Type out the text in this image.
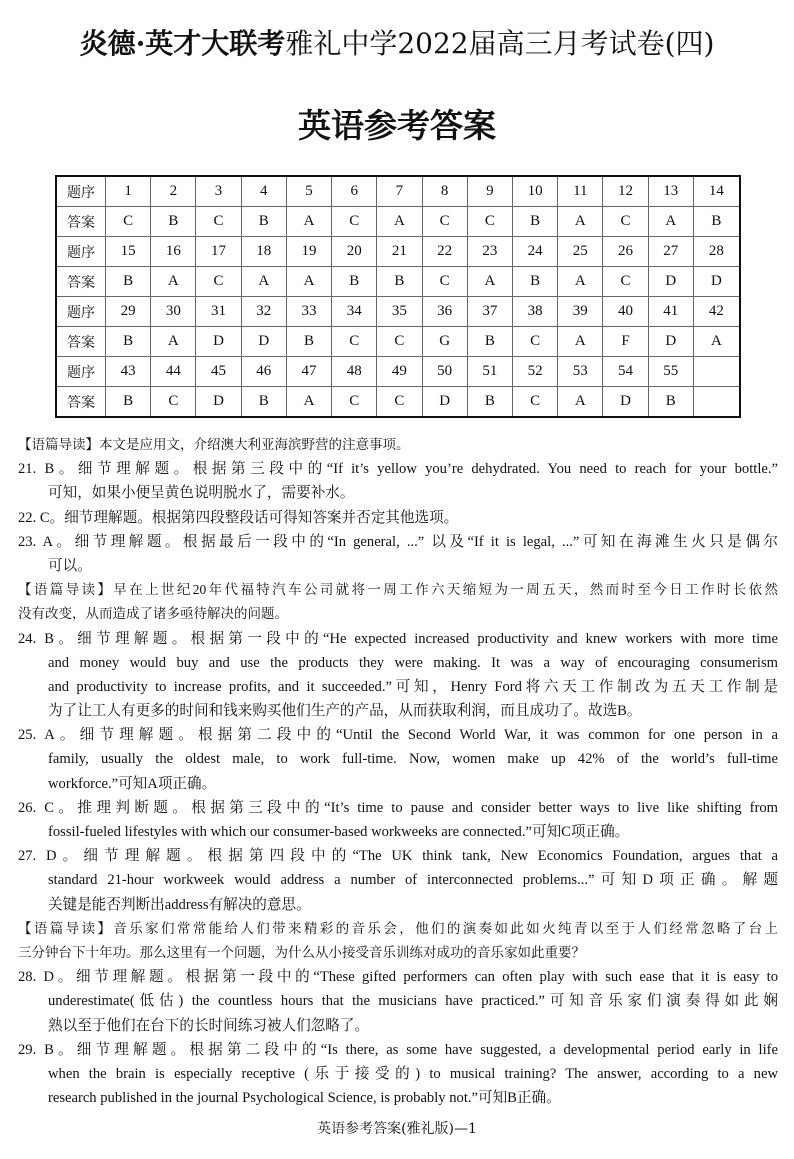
炎德·英才大联考雅礼中学2022届高三月考试卷(四)
英语参考答案
题序	1	2	3	4	5	6	7	8	9	10	11	12	13	14
答案	C	B	C	B	A	C	A	C	C	B	A	C	A	B
题序	15	16	17	18	19	20	21	22	23	24	25	26	27	28
答案	B	A	C	A	A	B	B	C	A	B	A	C	D	D
题序	29	30	31	32	33	34	35	36	37	38	39	40	41	42
答案	B	A	D	D	B	C	C	G	B	C	A	F	D	A
题序	43	44	45	46	47	48	49	50	51	52	53	54	55	
答案	B	C	D	B	A	C	C	D	B	C	A	D	B	
【语篇导读】本文是应用文，介绍澳大利亚海滨野营的注意事项。
21. B。细节理解题。根据第三段中的“If it’s yellow you’re dehydrated. You need to reach for your bottle.”
可知，如果小便呈黄色说明脱水了，需要补水。
22. C。细节理解题。根据第四段整段话可得知答案并否定其他选项。
23. A。细节理解题。根据最后一段中的“In general, ...” 以及“If it is legal, ...”可知在海滩生火只是偶尔
可以。
【语篇导读】早在上世纪20年代福特汽车公司就将一周工作六天缩短为一周五天，然而时至今日工作时长依然
没有改变，从而造成了诸多亟待解决的问题。
24. B。细节理解题。根据第一段中的“He expected increased productivity and knew workers with more time
and money would buy and use the products they were making. It was a way of encouraging consumerism
and productivity to increase profits, and it succeeded.”可知，Henry Ford将六天工作制改为五天工作制是
为了让工人有更多的时间和钱来购买他们生产的产品，从而获取利润，而且成功了。故选B。
25. A。细节理解题。根据第二段中的“Until the Second World War, it was common for one person in a
family, usually the oldest male, to work full-time. Now, women make up 42% of the world’s full-time
workforce.”可知A项正确。
26. C。推理判断题。根据第三段中的“It’s time to pause and consider better ways to live like shifting from
fossil-fueled lifestyles with which our consumer-based workweeks are connected.”可知C项正确。
27. D。细节理解题。根据第四段中的“The UK think tank, New Economics Foundation, argues that a
standard 21-hour workweek would address a number of interconnected problems...”可知D项正确。解题
关键是能否判断出address有解决的意思。
【语篇导读】音乐家们常常能给人们带来精彩的音乐会，他们的演奏如此如火纯青以至于人们经常忽略了台上
三分钟台下十年功。那么这里有一个问题，为什么从小接受音乐训练对成功的音乐家如此重要？
28. D。细节理解题。根据第一段中的“These gifted performers can often play with such ease that it is easy to
underestimate(低估) the countless hours that the musicians have practiced.”可知音乐家们演奏得如此娴
熟以至于他们在台下的长时间练习被人们忽略了。
29. B。细节理解题。根据第二段中的“Is there, as some have suggested, a developmental period early in life
when the brain is especially receptive (乐于接受的) to musical training? The answer, according to a new
research published in the journal Psychological Science, is probably not.”可知B正确。
英语参考答案(雅礼版)—1
